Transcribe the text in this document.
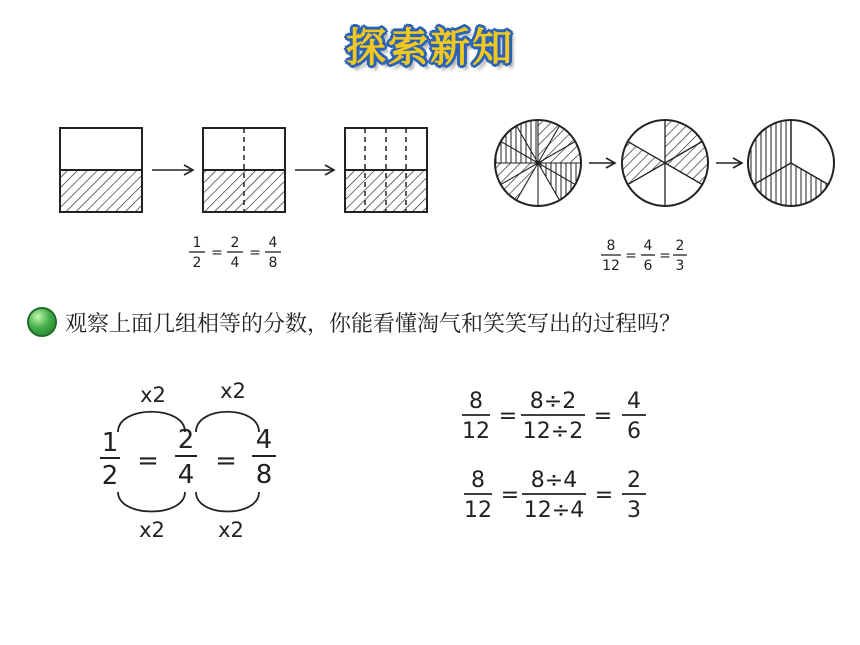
探索新知
1
2
=
2
4
=
4
8
8
12
=
4
6
=
2
3
x2	x2
x2	x2
1
2 =
2
4 =
4
8
8
12
=
8÷2
12÷2
=
4
6
8
12
=
8÷4
12÷4
=
2
3
观察上面几组相等的分数，你能看懂淘气和笑笑写出的过程吗？
